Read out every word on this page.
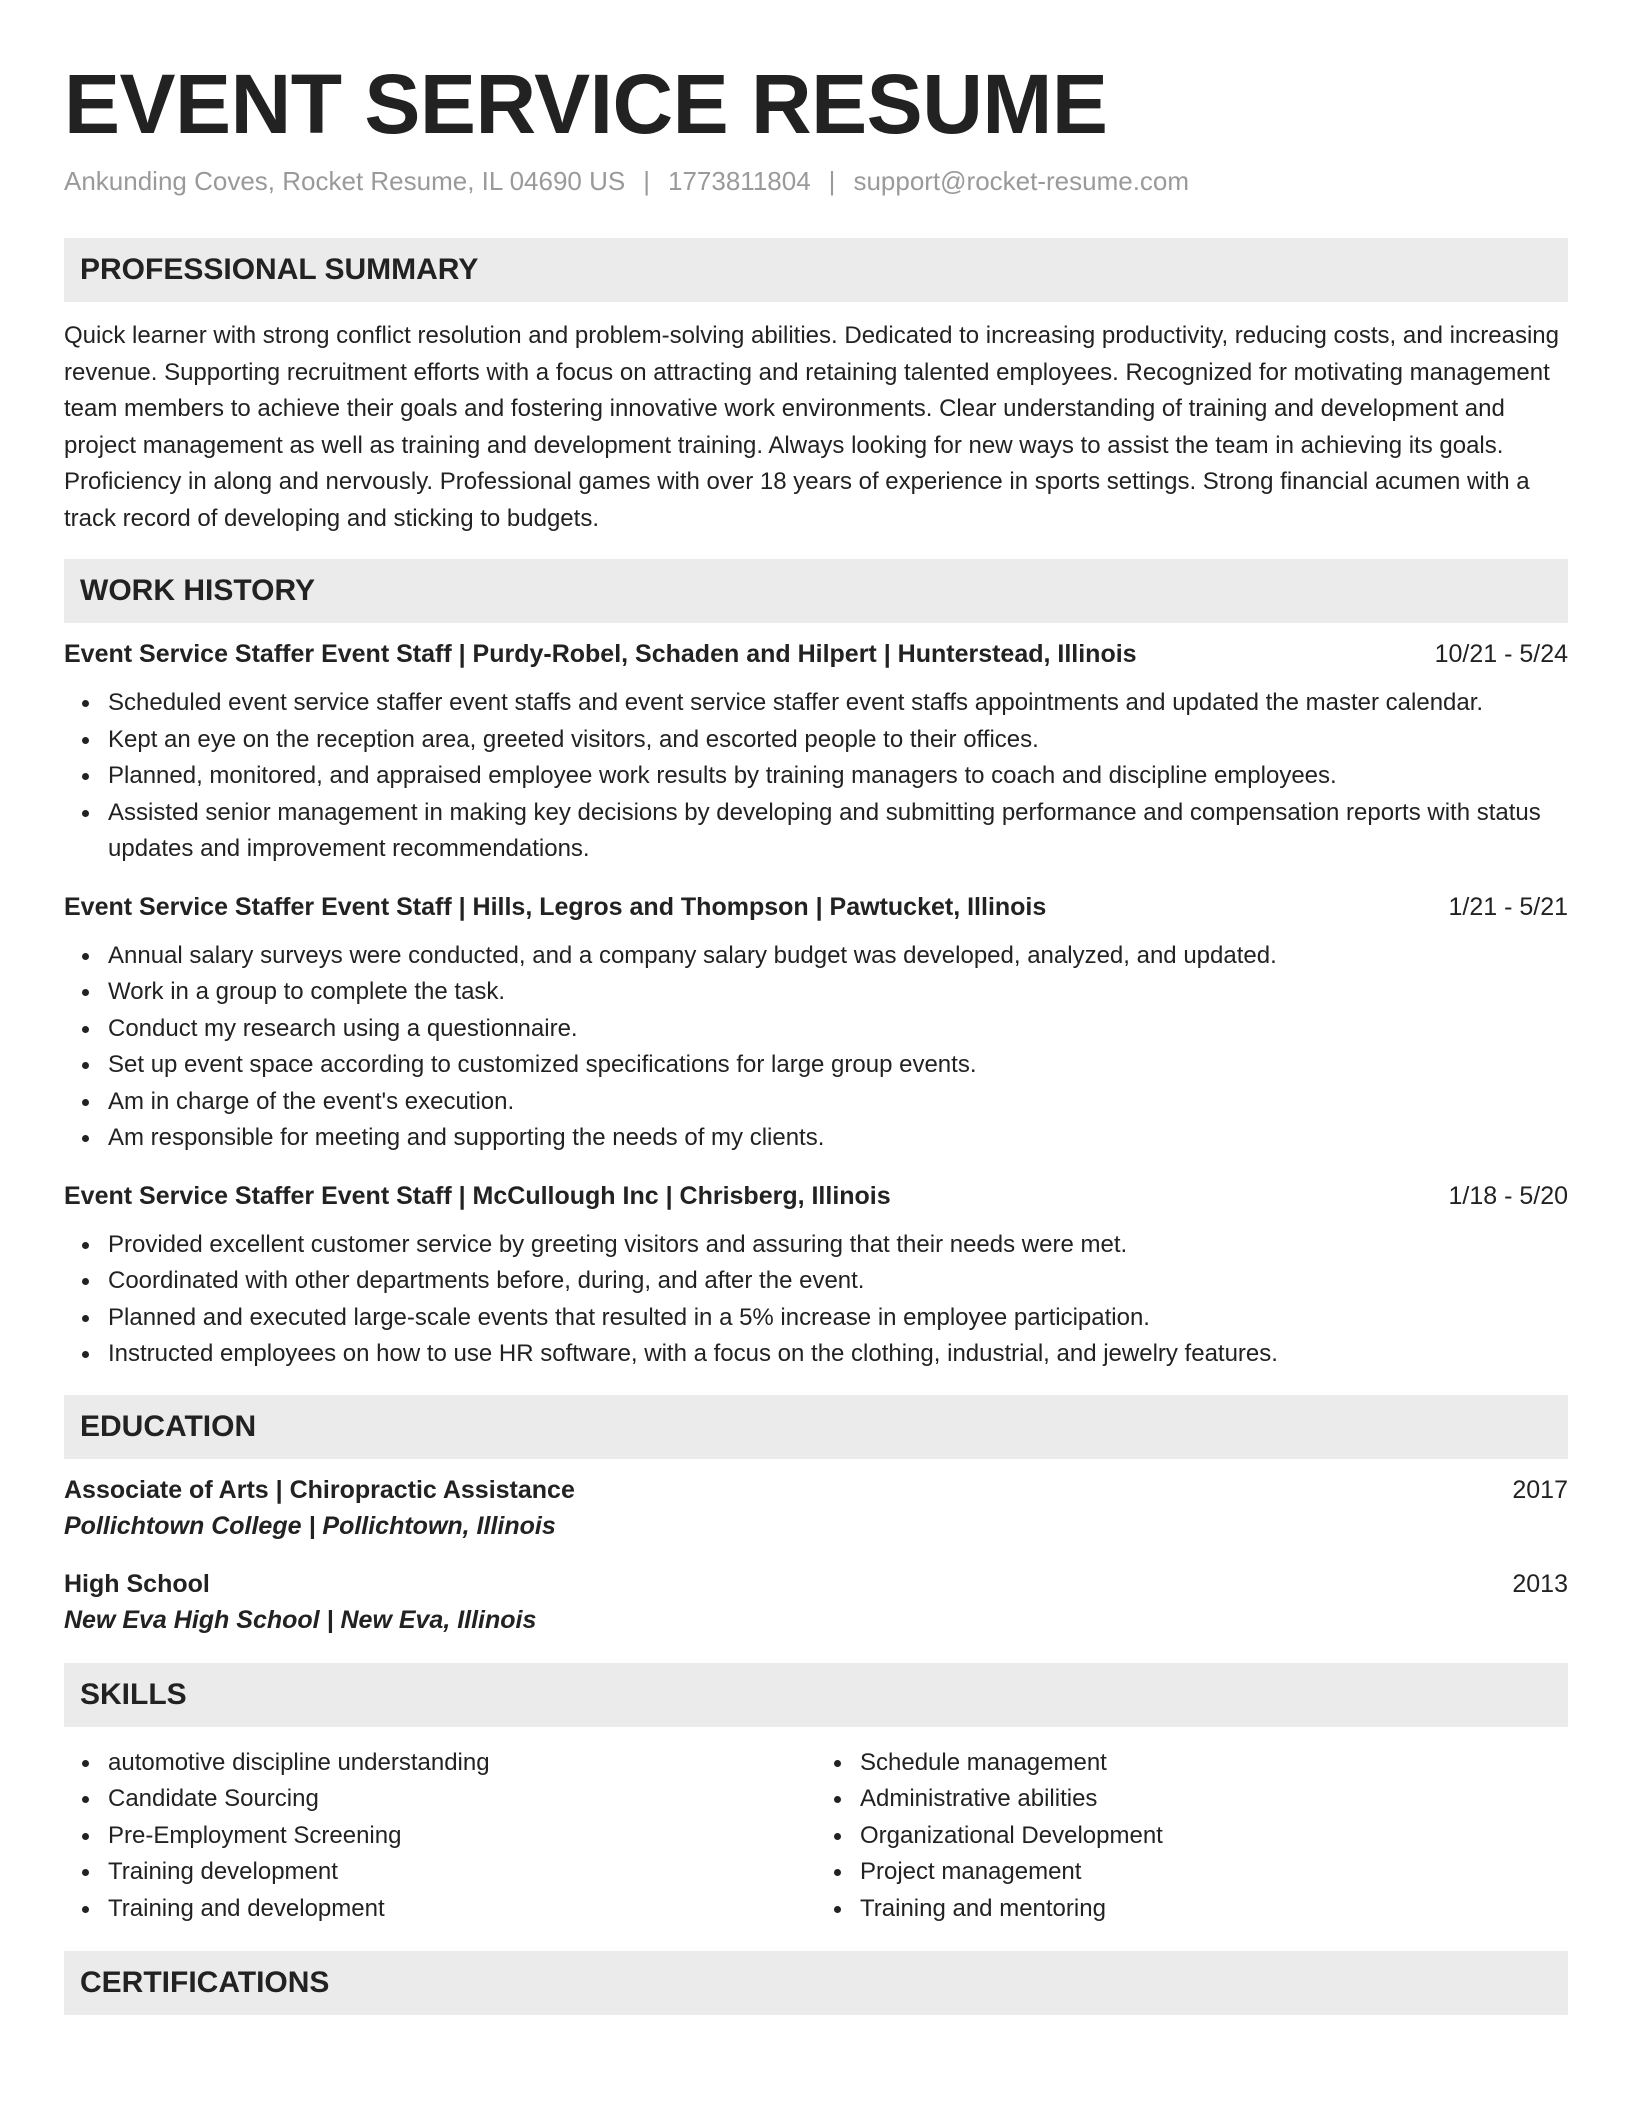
EVENT SERVICE RESUME
Ankunding Coves, Rocket Resume, IL 04690 US | 1773811804 | support@rocket-resume.com
PROFESSIONAL SUMMARY

Quick learner with strong conflict resolution and problem-solving abilities. Dedicated to increasing productivity, reducing costs, and increasing revenue. Supporting recruitment efforts with a focus on attracting and retaining talented employees. Recognized for motivating management team members to achieve their goals and fostering innovative work environments. Clear understanding of training and development and project management as well as training and development training. Always looking for new ways to assist the team in achieving its goals. Proficiency in along and nervously. Professional games with over 18 years of experience in sports settings. Strong financial acumen with a track record of developing and sticking to budgets.

WORK HISTORY
Event Service Staffer Event Staff | Purdy-Robel, Schaden and Hilpert | Hunterstead, Illinois	10/21 - 5/24
Scheduled event service staffer event staffs and event service staffer event staffs appointments and updated the master calendar.
Kept an eye on the reception area, greeted visitors, and escorted people to their offices.
Planned, monitored, and appraised employee work results by training managers to coach and discipline employees.
Assisted senior management in making key decisions by developing and submitting performance and compensation reports with status updates and improvement recommendations.
Event Service Staffer Event Staff | Hills, Legros and Thompson | Pawtucket, Illinois	1/21 - 5/21
Annual salary surveys were conducted, and a company salary budget was developed, analyzed, and updated.
Work in a group to complete the task.
Conduct my research using a questionnaire.
Set up event space according to customized specifications for large group events.
Am in charge of the event's execution.
Am responsible for meeting and supporting the needs of my clients.
Event Service Staffer Event Staff | McCullough Inc | Chrisberg, Illinois	1/18 - 5/20
Provided excellent customer service by greeting visitors and assuring that their needs were met.
Coordinated with other departments before, during, and after the event.
Planned and executed large-scale events that resulted in a 5% increase in employee participation.
Instructed employees on how to use HR software, with a focus on the clothing, industrial, and jewelry features.
EDUCATION
Associate of Arts | Chiropractic Assistance	2017
Pollichtown College | Pollichtown, Illinois
High School	2013
New Eva High School | New Eva, Illinois
SKILLS
automotive discipline understanding
Candidate Sourcing
Pre-Employment Screening
Training development
Training and development
Schedule management
Administrative abilities
Organizational Development
Project management
Training and mentoring
CERTIFICATIONS
